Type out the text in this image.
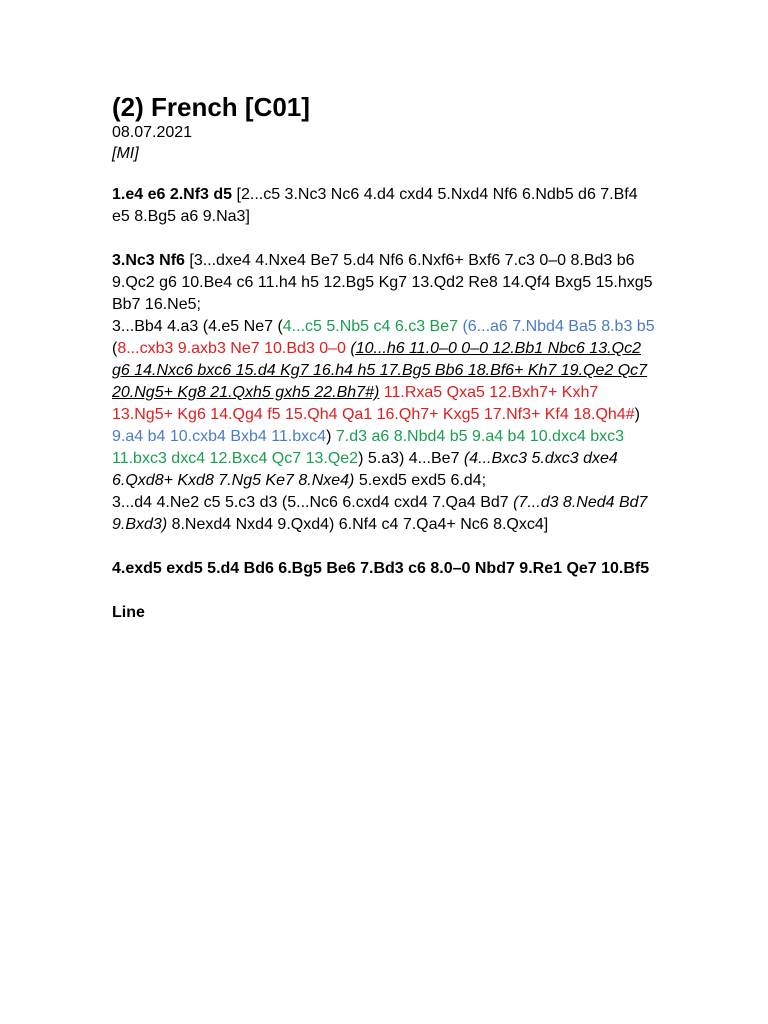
(2) French [C01]
08.07.2021
[MI]

1.e4 e6 2.Nf3 d5 [2...c5 3.Nc3 Nc6 4.d4 cxd4 5.Nxd4 Nf6 6.Ndb5 d6 7.Bf4 e5 8.Bg5 a6 9.Na3]

3.Nc3 Nf6 [3...dxe4 4.Nxe4 Be7 5.d4 Nf6 6.Nxf6+ Bxf6 7.c3 0–0 8.Bd3 b6 9.Qc2 g6 10.Be4 c6 11.h4 h5 12.Bg5 Kg7 13.Qd2 Re8 14.Qf4 Bxg5 15.hxg5 Bb7 16.Ne5;
3...Bb4 4.a3 (4.e5 Ne7 (4...c5 5.Nb5 c4 6.c3 Be7 (6...a6 7.Nbd4 Ba5 8.b3 b5 (8...cxb3 9.axb3 Ne7 10.Bd3 0–0 (10...h6 11.0–0 0–0 12.Bb1 Nbc6 13.Qc2 g6 14.Nxc6 bxc6 15.d4 Kg7 16.h4 h5 17.Bg5 Bb6 18.Bf6+ Kh7 19.Qe2 Qc7 20.Ng5+ Kg8 21.Qxh5 gxh5 22.Bh7#) 11.Rxa5 Qxa5 12.Bxh7+ Kxh7 13.Ng5+ Kg6 14.Qg4 f5 15.Qh4 Qa1 16.Qh7+ Kxg5 17.Nf3+ Kf4 18.Qh4#) 9.a4 b4 10.cxb4 Bxb4 11.bxc4) 7.d3 a6 8.Nbd4 b5 9.a4 b4 10.dxc4 bxc3 11.bxc3 dxc4 12.Bxc4 Qc7 13.Qe2) 5.a3) 4...Be7 (4...Bxc3 5.dxc3 dxe4 6.Qxd8+ Kxd8 7.Ng5 Ke7 8.Nxe4) 5.exd5 exd5 6.d4;
3...d4 4.Ne2 c5 5.c3 d3 (5...Nc6 6.cxd4 cxd4 7.Qa4 Bd7 (7...d3 8.Ned4 Bd7 9.Bxd3) 8.Nexd4 Nxd4 9.Qxd4) 6.Nf4 c4 7.Qa4+ Nc6 8.Qxc4]

4.exd5 exd5 5.d4 Bd6 6.Bg5 Be6 7.Bd3 c6 8.0–0 Nbd7 9.Re1 Qe7 10.Bf5

Line
